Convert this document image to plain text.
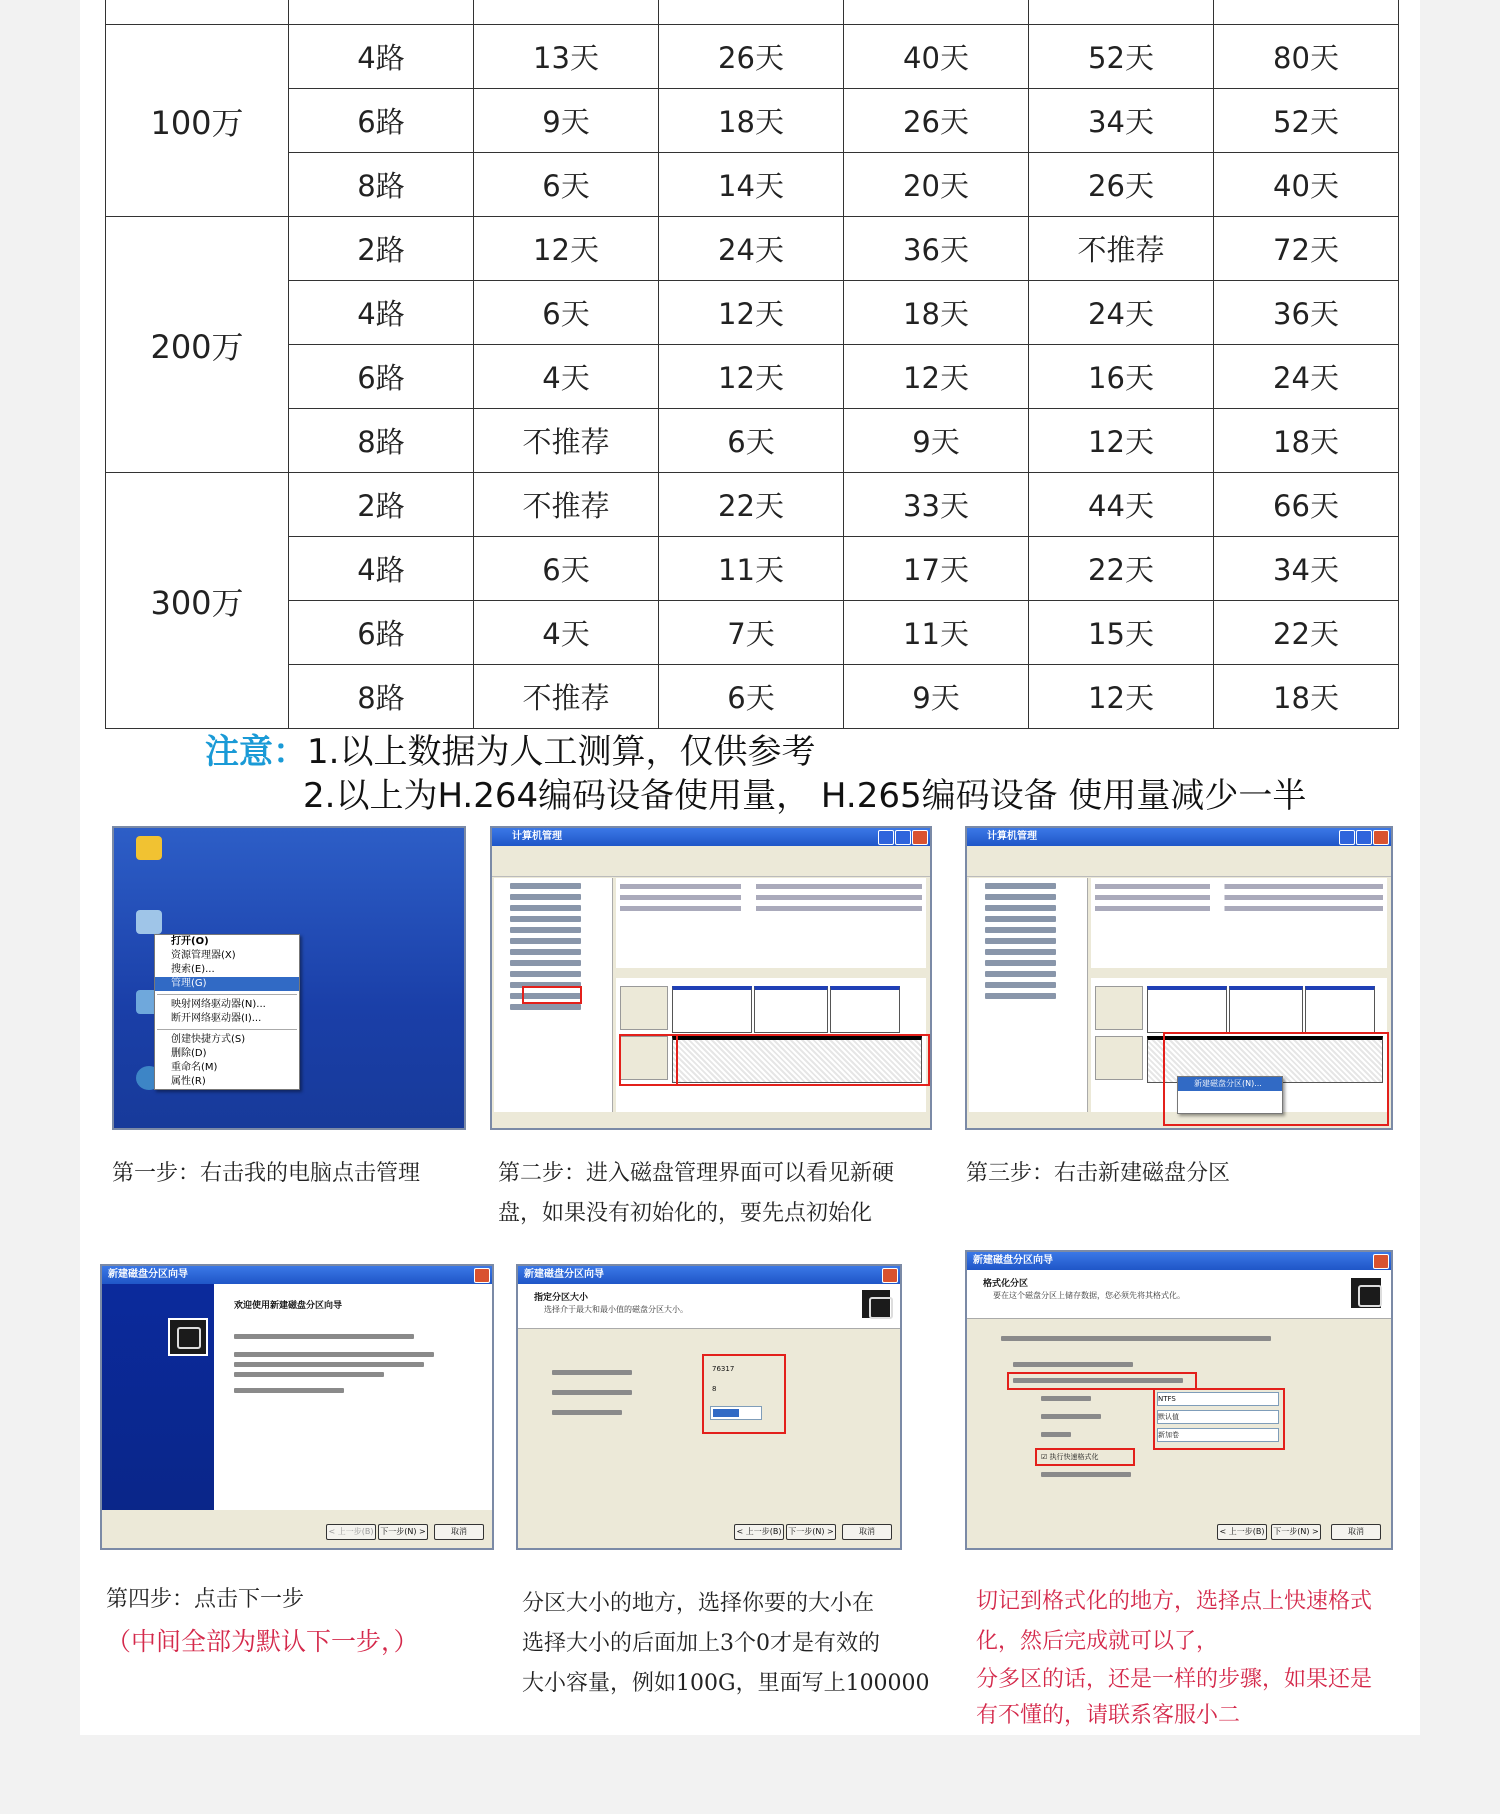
100万	4路	13天	26天	40天	52天	80天
	6路	9天	18天	26天	34天	52天
	8路	6天	14天	20天	26天	40天
200万	2路	12天	24天	36天	不推荐	72天
	4路	6天	12天	18天	24天	36天
	6路	4天	12天	12天	16天	24天
	8路	不推荐	6天	9天	12天	18天
300万	2路	不推荐	22天	33天	44天	66天
	4路	6天	11天	17天	22天	34天
	6路	4天	7天	11天	15天	22天
	8路	不推荐	6天	9天	12天	18天
注意：1.以上数据为人工测算，仅供参考
2.以上为H.264编码设备使用量， H.265编码设备 使用量减少一半
打开(O)
资源管理器(X)
搜索(E)...
管理(G)
映射网络驱动器(N)...
断开网络驱动器(I)...
创建快捷方式(S)
删除(D)
重命名(M)
属性(R)
计算机管理	计算机管理
新建磁盘分区(N)...
第一步：右击我的电脑点击管理	第二步：进入磁盘管理界面可以看见新硬
盘，如果没有初始化的，要先点初始化
第三步：右击新建磁盘分区
新建磁盘分区向导
欢迎使用新建磁盘分区向导
< 上一步(B) 下一步(N) >	取消
新建磁盘分区向导
指定分区大小
选择介于最大和最小值的磁盘分区大小。
76317
8
< 上一步(B) 下一步(N) >	取消
新建磁盘分区向导
格式化分区
要在这个磁盘分区上储存数据，您必须先将其格式化。
NTFS
默认值
新加卷
☑ 执行快速格式化
< 上一步(B)	下一步(N) >	取消
第四步：点击下一步
（中间全部为默认下一步，）
分区大小的地方，选择你要的大小在
选择大小的后面加上3个0才是有效的
大小容量，例如100G，里面写上100000
切记到格式化的地方，选择点上快速格式
化，然后完成就可以了，
分多区的话，还是一样的步骤，如果还是
有不懂的，请联系客服小二
